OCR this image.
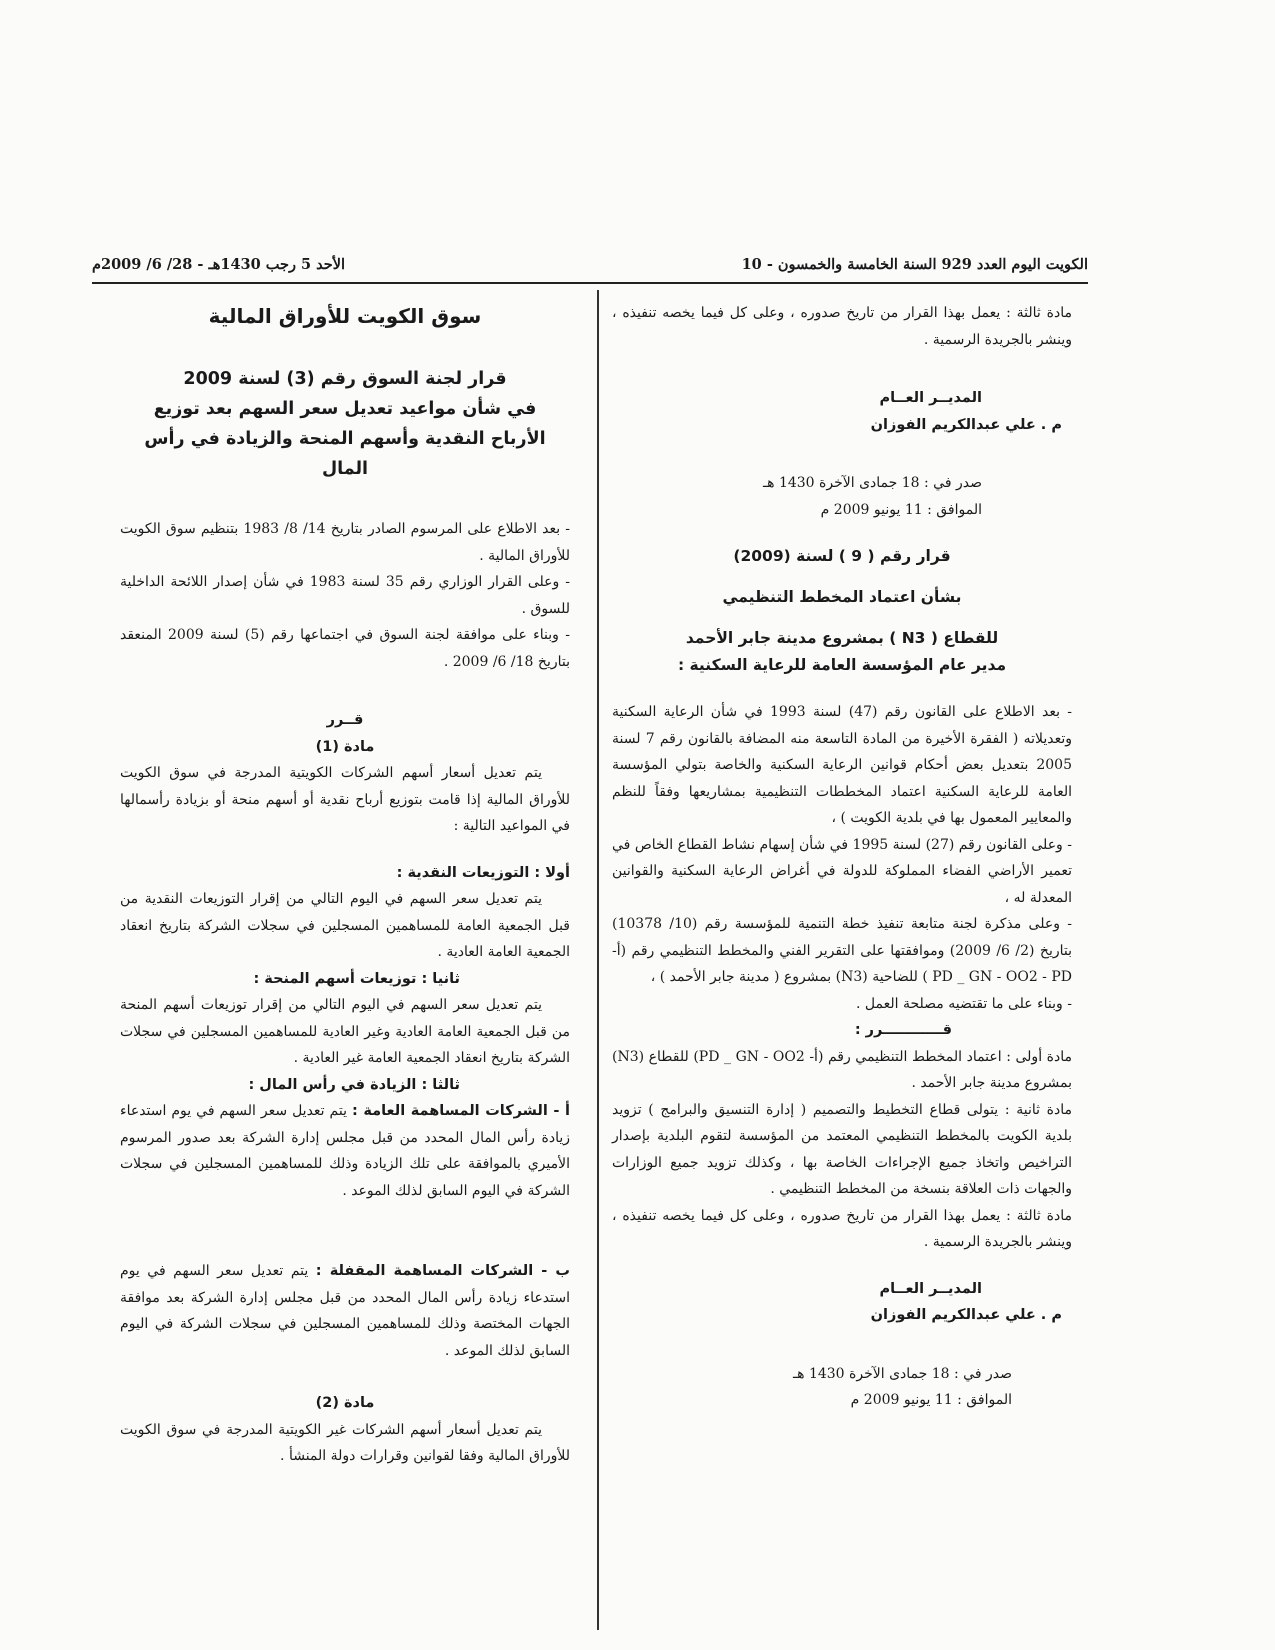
الكويت اليوم العدد 929 السنة الخامسة والخمسون - 10
الأحد 5 رجب 1430هـ - 28/ 6/ 2009م

سوق الكويت للأوراق المالية

قرار لجنة السوق رقم (3) لسنة 2009

في شأن مواعيد تعديل سعر السهم بعد توزيع

الأرباح النقدية وأسهم المنحة والزيادة في رأس المال

- بعد الاطلاع على المرسوم الصادر بتاريخ 14/ 8/ 1983 بتنظيم سوق الكويت للأوراق المالية .

- وعلى القرار الوزاري رقم 35 لسنة 1983 في شأن إصدار اللائحة الداخلية للسوق .

- وبناء على موافقة لجنة السوق في اجتماعها رقم (5) لسنة 2009 المنعقد بتاريخ 18/ 6/ 2009 .

قــرر

مادة (1)

يتم تعديل أسعار أسهم الشركات الكويتية المدرجة في سوق الكويت للأوراق المالية إذا قامت بتوزيع أرباح نقدية أو أسهم منحة أو بزيادة رأسمالها في المواعيد التالية :

أولا : التوزيعات النقدية :

يتم تعديل سعر السهم في اليوم التالي من إقرار التوزيعات النقدية من قبل الجمعية العامة للمساهمين المسجلين في سجلات الشركة بتاريخ انعقاد الجمعية العامة العادية .

ثانيا : توزيعات أسهم المنحة :

يتم تعديل سعر السهم في اليوم التالي من إقرار توزيعات أسهم المنحة من قبل الجمعية العامة العادية وغير العادية للمساهمين المسجلين في سجلات الشركة بتاريخ انعقاد الجمعية العامة غير العادية .

ثالثا : الزيادة في رأس المال :

أ - الشركات المساهمة العامة : يتم تعديل سعر السهم في يوم استدعاء زيادة رأس المال المحدد من قبل مجلس إدارة الشركة بعد صدور المرسوم الأميري بالموافقة على تلك الزيادة وذلك للمساهمين المسجلين في سجلات الشركة في اليوم السابق لذلك الموعد .

ب - الشركات المساهمة المقفلة : يتم تعديل سعر السهم في يوم استدعاء زيادة رأس المال المحدد من قبل مجلس إدارة الشركة بعد موافقة الجهات المختصة وذلك للمساهمين المسجلين في سجلات الشركة في اليوم السابق لذلك الموعد .

مادة (2)

يتم تعديل أسعار أسهم الشركات غير الكويتية المدرجة في سوق الكويت للأوراق المالية وفقا لقوانين وقرارات دولة المنشأ .

مادة ثالثة : يعمل بهذا القرار من تاريخ صدوره ، وعلى كل فيما يخصه تنفيذه ، وينشر بالجريدة الرسمية .

المديــر العــام

م . علي عبدالكريم الفوزان

صدر في : 18 جمادى الآخرة 1430 هـ

الموافق : 11 يونيو 2009 م

قرار رقم ( 9 ) لسنة (2009)

بشأن اعتماد المخطط التنظيمي

للقطاع ( N3 ) بمشروع مدينة جابر الأحمد

مدير عام المؤسسة العامة للرعاية السكنية :

- بعد الاطلاع على القانون رقم (47) لسنة 1993 في شأن الرعاية السكنية وتعديلاته ( الفقرة الأخيرة من المادة التاسعة منه المضافة بالقانون رقم 7 لسنة 2005 بتعديل بعض أحكام قوانين الرعاية السكنية والخاصة بتولي المؤسسة العامة للرعاية السكنية اعتماد المخططات التنظيمية بمشاريعها وفقاً للنظم والمعايير المعمول بها في بلدية الكويت ) ،

- وعلى القانون رقم (27) لسنة 1995 في شأن إسهام نشاط القطاع الخاص في تعمير الأراضي الفضاء المملوكة للدولة في أغراض الرعاية السكنية والقوانين المعدلة له ،

- وعلى مذكرة لجنة متابعة تنفيذ خطة التنمية للمؤسسة رقم (10/ 10378) بتاريخ (2/ 6/ 2009) وموافقتها على التقرير الفني والمخطط التنظيمي رقم (أ- PD _ GN - OO2 - PD ) للضاحية (N3) بمشروع ( مدينة جابر الأحمد ) ،

- وبناء على ما تقتضيه مصلحة العمل .

قــــــــــــرر :

مادة أولى : اعتماد المخطط التنظيمي رقم (أ- PD _ GN - OO2) للقطاع (N3) بمشروع مدينة جابر الأحمد .

مادة ثانية : يتولى قطاع التخطيط والتصميم ( إدارة التنسيق والبرامج ) تزويد بلدية الكويت بالمخطط التنظيمي المعتمد من المؤسسة لتقوم البلدية بإصدار التراخيص واتخاذ جميع الإجراءات الخاصة بها ، وكذلك تزويد جميع الوزارات والجهات ذات العلاقة بنسخة من المخطط التنظيمي .

مادة ثالثة : يعمل بهذا القرار من تاريخ صدوره ، وعلى كل فيما يخصه تنفيذه ، وينشر بالجريدة الرسمية .

المديــر العــام

م . علي عبدالكريم الفوزان

صدر في : 18 جمادى الآخرة 1430 هـ

الموافق : 11 يونيو 2009 م
